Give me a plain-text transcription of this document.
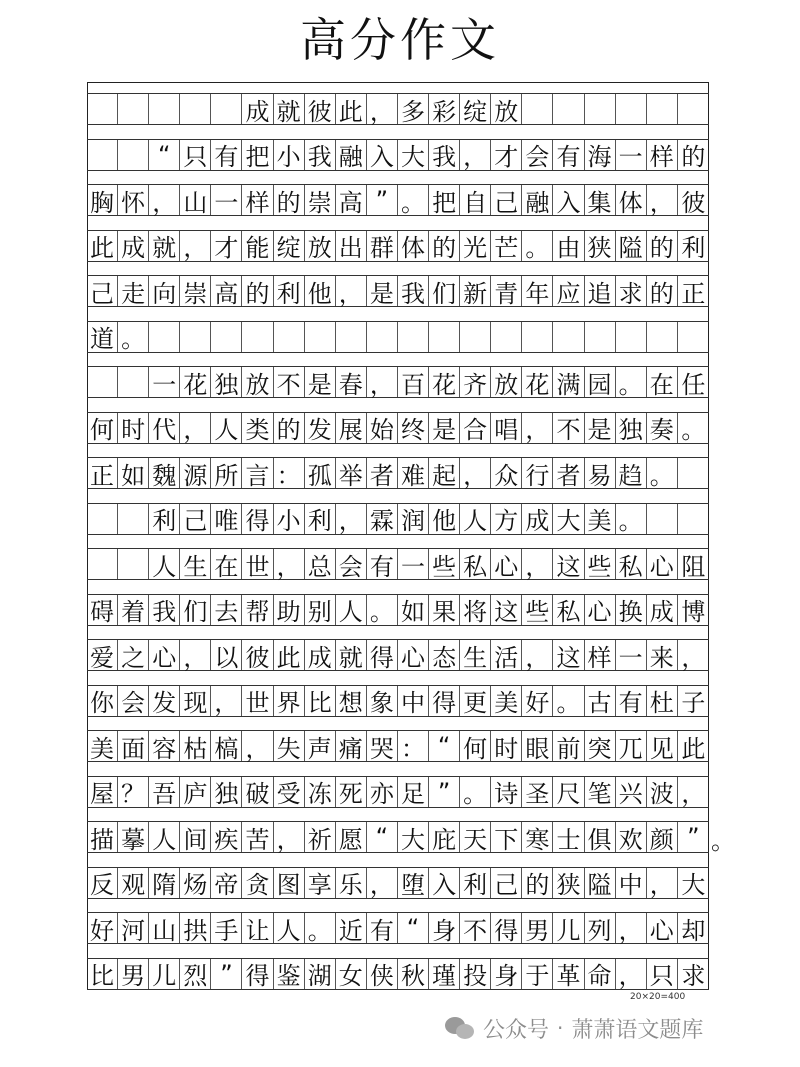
高分作文
成 就 彼 此 ， 多 彩 绽 放
“ 只 有 把 小 我 融 入 大 我 ， 才 会 有 海 一 样 的
胸 怀 ， 山 一 样 的 崇 高 ” 。 把 自 己 融 入 集 体 ， 彼
此 成 就 ， 才 能 绽 放 出 群 体 的 光 芒 。 由 狭 隘 的 利
己 走 向 崇 高 的 利 他 ， 是 我 们 新 青 年 应 追 求 的 正
道 。
一 花 独 放 不 是 春 ， 百 花 齐 放 花 满 园 。 在 任
何 时 代 ， 人 类 的 发 展 始 终 是 合 唱 ， 不 是 独 奏 。
正 如 魏 源 所 言 ： 孤 举 者 难 起 ， 众 行 者 易 趋 。
利 己 唯 得 小 利 ， 霖 润 他 人 方 成 大 美 。
人 生 在 世 ， 总 会 有 一 些 私 心 ， 这 些 私 心 阻
碍 着 我 们 去 帮 助 别 人 。 如 果 将 这 些 私 心 换 成 博
爱 之 心 ， 以 彼 此 成 就 得 心 态 生 活 ， 这 样 一 来 ，
你 会 发 现 ， 世 界 比 想 象 中 得 更 美 好 。 古 有 杜 子
美 面 容 枯 槁 ， 失 声 痛 哭 ： “ 何 时 眼 前 突 兀 见 此
屋 ？ 吾 庐 独 破 受 冻 死 亦 足 ” 。 诗 圣 尺 笔 兴 波 ，
描 摹 人 间 疾 苦 ， 祈 愿 “ 大 庇 天 下 寒 士 俱 欢 颜 ”
反 观 隋 炀 帝 贪 图 享 乐 ， 堕 入 利 己 的 狭 隘 中 ， 大
好 河 山 拱 手 让 人 。 近 有 “ 身 不 得 男 儿 列 ， 心 却
比 男 儿 烈 ” 得 鉴 湖 女 侠 秋 瑾 投 身 于 革 命 ， 只 求
。
20×20=400
公众号 · 萧萧语文题库
